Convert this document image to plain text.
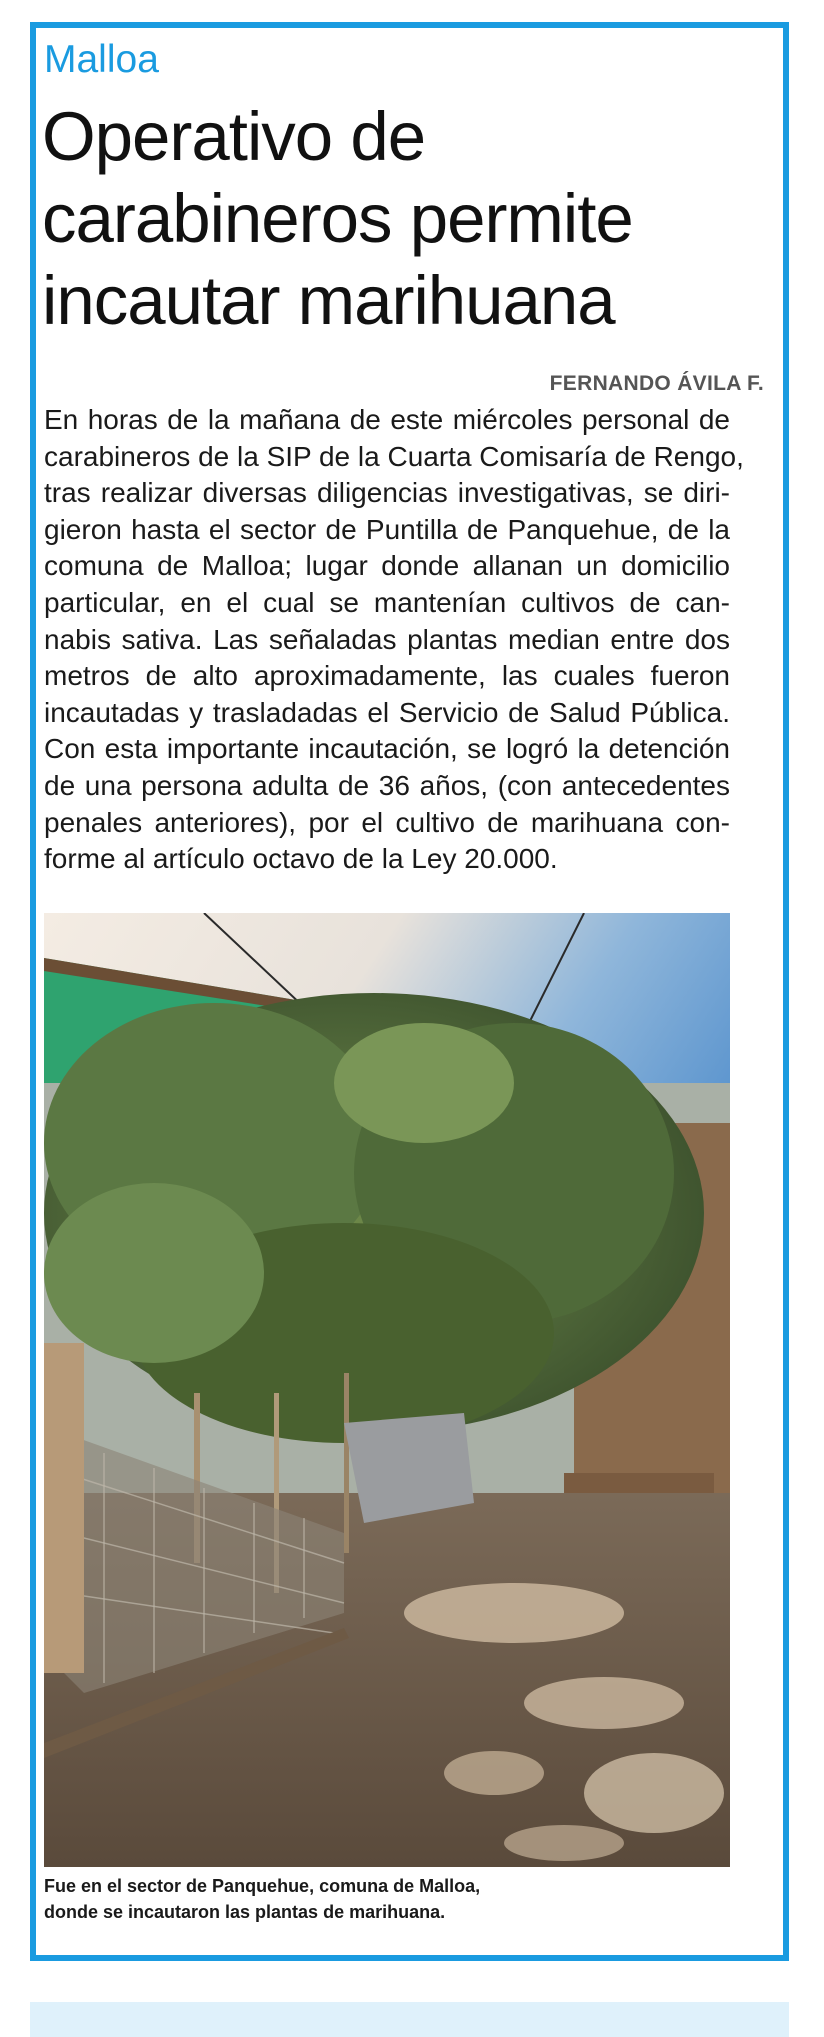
Malloa
Operativo de
carabineros permite
incautar marihuana
FERNANDO ÁVILA F.
En horas de la mañana de este miércoles personal de
carabineros de la SIP de la Cuarta Comisaría de Rengo,
tras realizar diversas diligencias investigativas, se diri-
gieron hasta el sector de Puntilla de Panquehue, de la
comuna de Malloa; lugar donde allanan un domicilio
particular, en el cual se mantenían cultivos de can-
nabis sativa. Las señaladas plantas median entre dos
metros de alto aproximadamente, las cuales fueron
incautadas y trasladadas el Servicio de Salud Pública.
Con esta importante incautación, se logró la detención
de una persona adulta de 36 años, (con antecedentes
penales anteriores), por el cultivo de marihuana con-
forme al artículo octavo de la Ley 20.000.
Fue en el sector de Panquehue, comuna de Malloa,
donde se incautaron las plantas de marihuana.
